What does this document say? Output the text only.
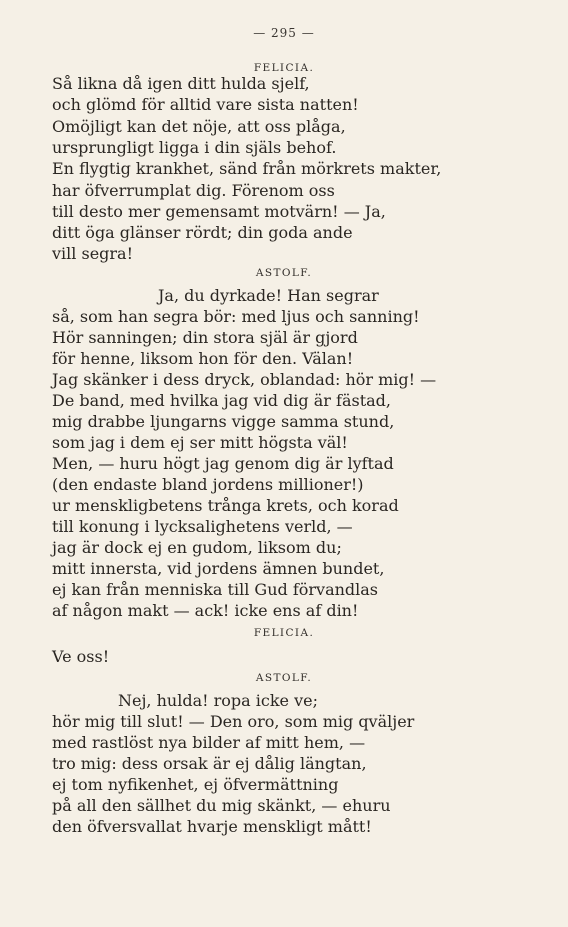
— 295 —
FELICIA.
Så likna då igen ditt hulda sjelf,
och glömd för alltid vare sista natten!
Omöjligt kan det nöje, att oss plåga,
ursprungligt ligga i din själs behof.
En flygtig krankhet, sänd från mörkrets makter,
har öfverrumplat dig. Förenom oss
till desto mer gemensamt motvärn! — Ja,
ditt öga glänser rördt; din goda ande
vill segra!
ASTOLF.
Ja, du dyrkade! Han segrar
så, som han segra bör: med ljus och sanning!
Hör sanningen; din stora själ är gjord
för henne, liksom hon för den. Välan!
Jag skänker i dess dryck, oblandad: hör mig! —
De band, med hvilka jag vid dig är fästad,
mig drabbe ljungarns vigge samma stund,
som jag i dem ej ser mitt högsta väl!
Men, — huru högt jag genom dig är lyftad
(den endaste bland jordens millioner!)
ur menskligbetens trånga krets, och korad
till konung i lycksalighetens verld, —
jag är dock ej en gudom, liksom du;
mitt innersta, vid jordens ämnen bundet,
ej kan från menniska till Gud förvandlas
af någon makt — ack! icke ens af din!
FELICIA.
Ve oss!
ASTOLF.
Nej, hulda! ropa icke ve;
hör mig till slut! — Den oro, som mig qväljer
med rastlöst nya bilder af mitt hem, —
tro mig: dess orsak är ej dålig längtan,
ej tom nyfikenhet, ej öfvermättning
på all den sällhet du mig skänkt, — ehuru
den öfversvallat hvarje menskligt mått!
